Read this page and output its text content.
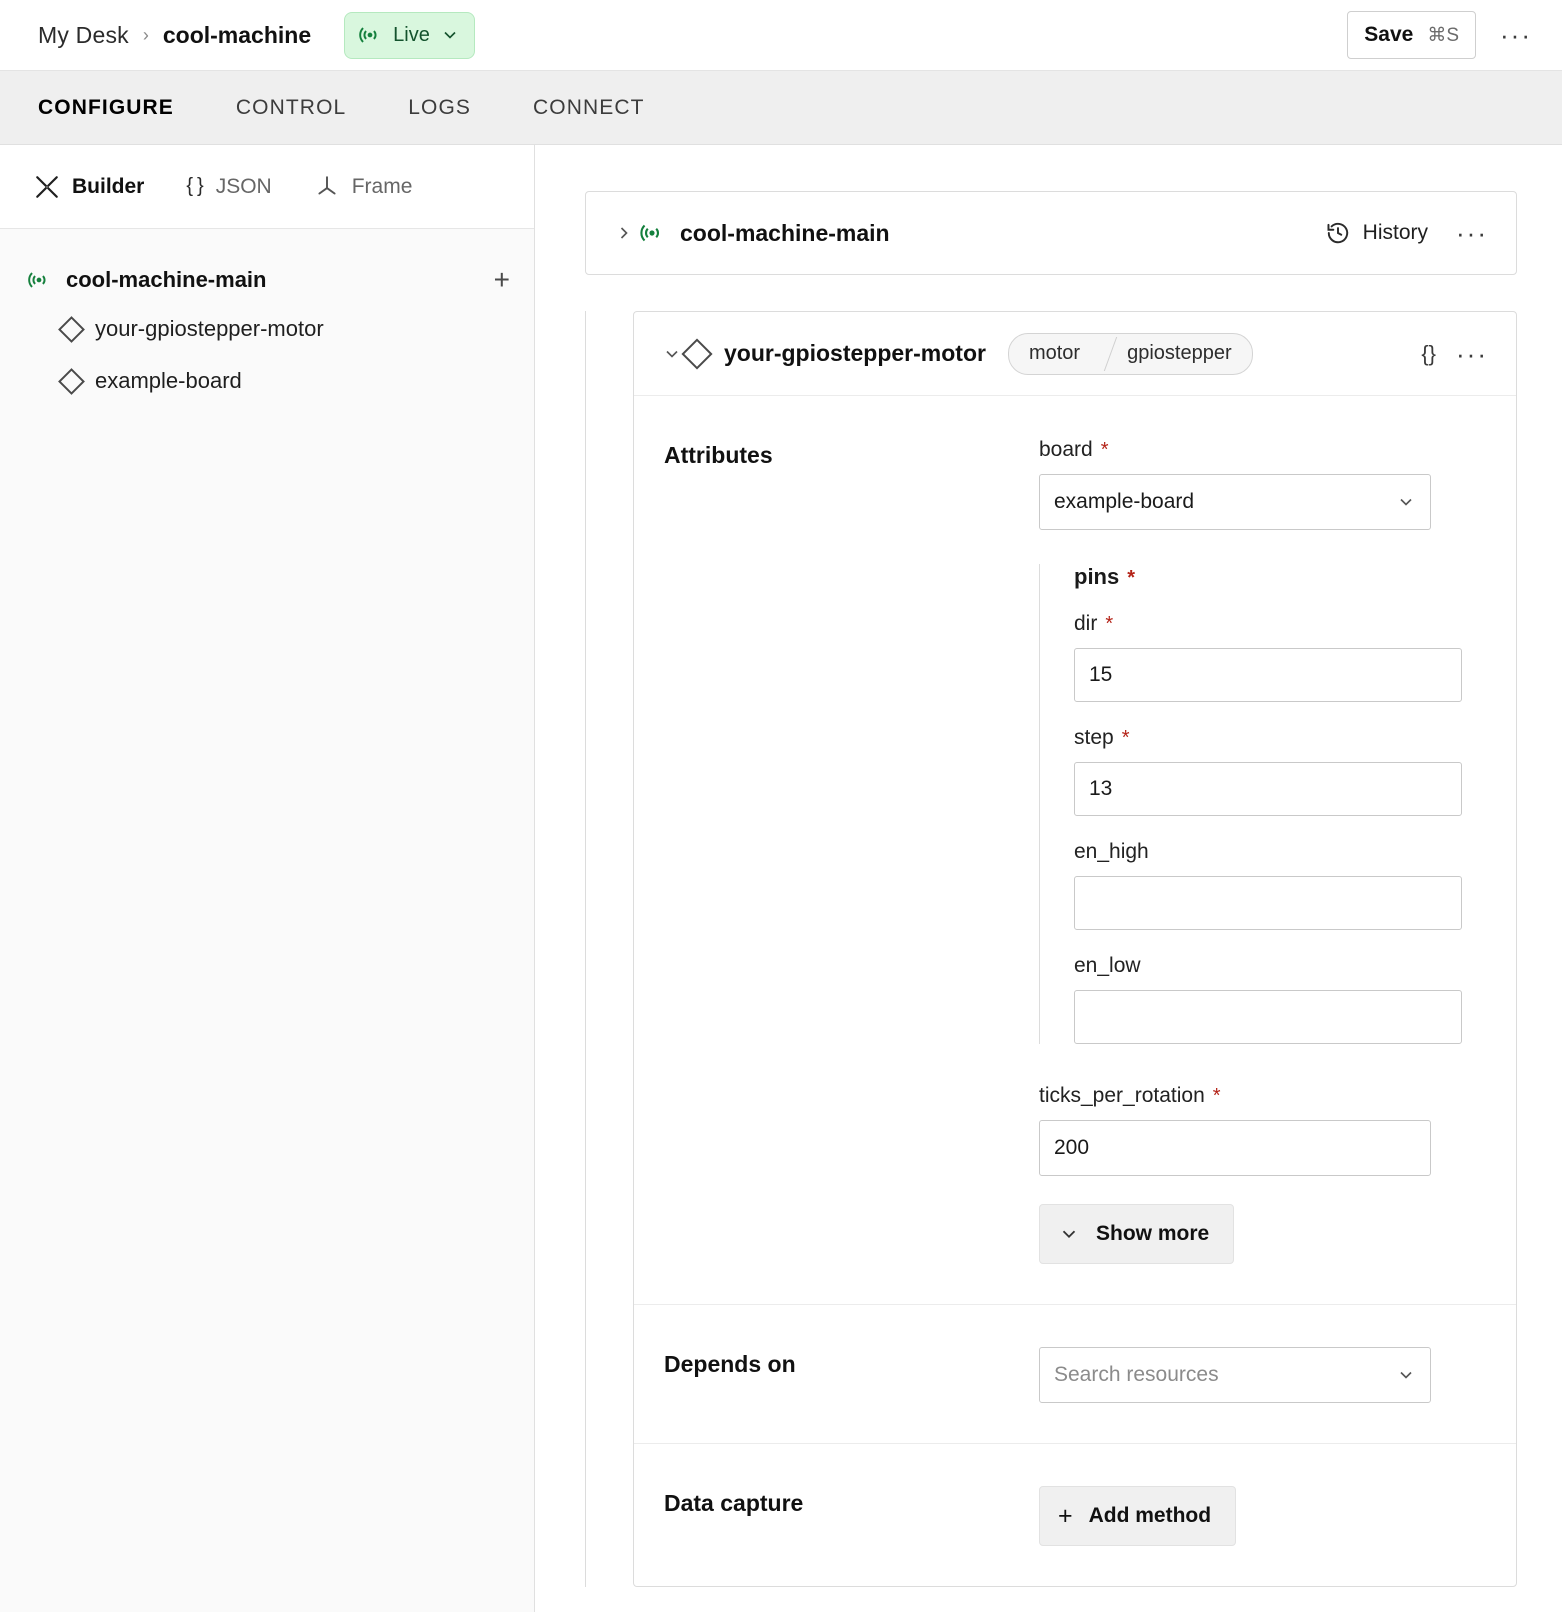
My Desk › cool-machine	Live	Save ⌘S ···
CONFIGURE	CONTROL	LOGS	CONNECT
Builder { } JSON	Frame
cool-machine-main	+
your-gpiostepper-motor
example-board
cool-machine-main	History ···
your-gpiostepper-motor	motor	gpiostepper	{} ···
Attributes	board *
example-board
pins *
dir *
15
step *
13
en_high
en_low
ticks_per_rotation *
200
Show more
Depends on	Search resources
Data capture	+ Add method
